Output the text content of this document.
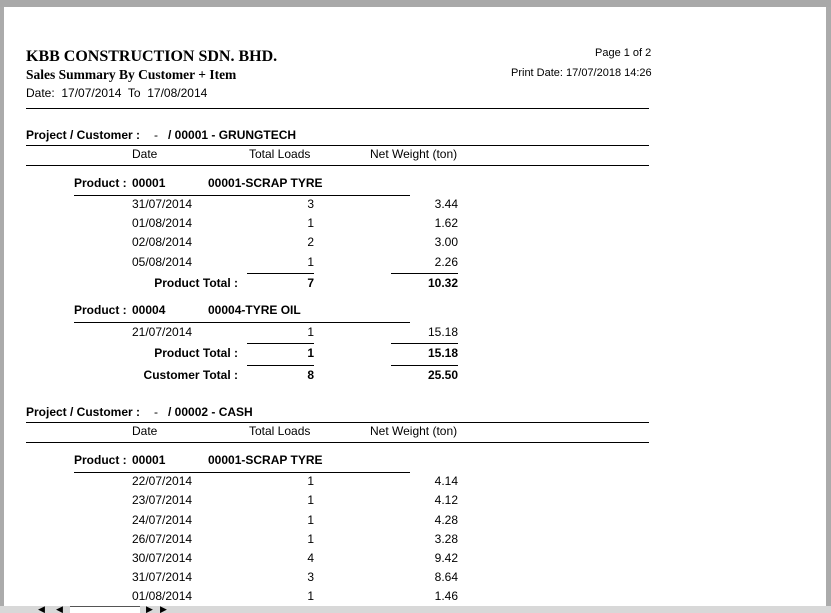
KBB CONSTRUCTION SDN. BHD.
Sales Summary By Customer + Item
Date: 17/07/2014 To 17/08/2014
Page 1 of 2
Print Date: 17/07/2018 14:26
Project / Customer : - / 00001 - GRUNGTECH
Date	Total Loads	Net Weight (ton)
Product : 00001	00001-SCRAP TYRE
31/07/2014	3	3.44
01/08/2014	1	1.62
02/08/2014	2	3.00
05/08/2014	1	2.26
Product Total :	7	10.32
Product : 00004	00004-TYRE OIL
21/07/2014	1	15.18
Product Total :	1	15.18
Customer Total :	8	25.50
Project / Customer : - / 00002 - CASH
Date	Total Loads	Net Weight (ton)
Product : 00001	00001-SCRAP TYRE
22/07/2014	1	4.14
23/07/2014	1	4.12
24/07/2014	1	4.28
26/07/2014	1	3.28
30/07/2014	4	9.42
31/07/2014	3	8.64
01/08/2014	1	1.46
◀ ◀	▶ ▶
